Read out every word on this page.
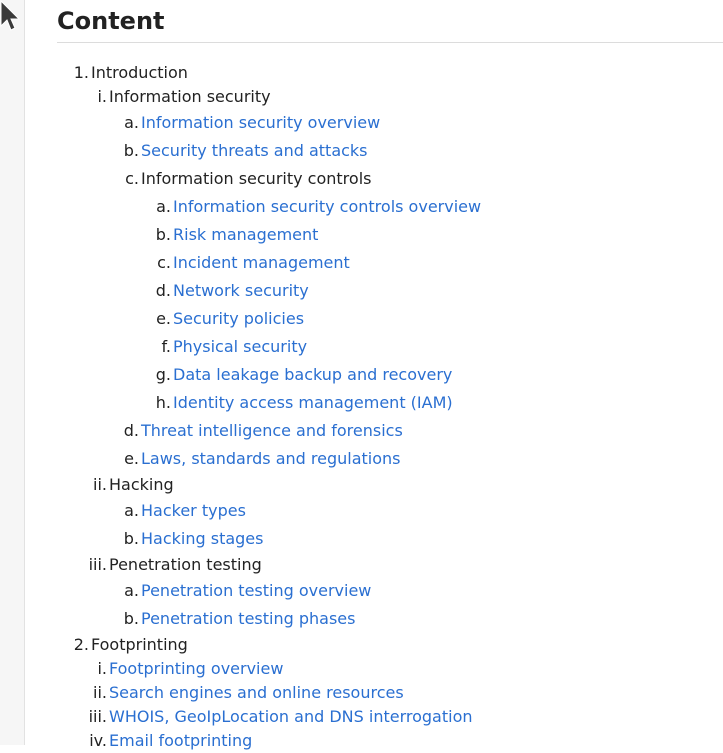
Content
1. Introduction
i. Information security
a. Information security overview
b. Security threats and attacks
c. Information security controls
a. Information security controls overview
b. Risk management
c. Incident management
d. Network security
e. Security policies
f. Physical security
g. Data leakage backup and recovery
h. Identity access management (IAM)
d. Threat intelligence and forensics
e. Laws, standards and regulations
ii. Hacking
a. Hacker types
b. Hacking stages
iii. Penetration testing
a. Penetration testing overview
b. Penetration testing phases
2. Footprinting
i. Footprinting overview
ii. Search engines and online resources
iii. WHOIS, GeoIpLocation and DNS interrogation
iv. Email footprinting
